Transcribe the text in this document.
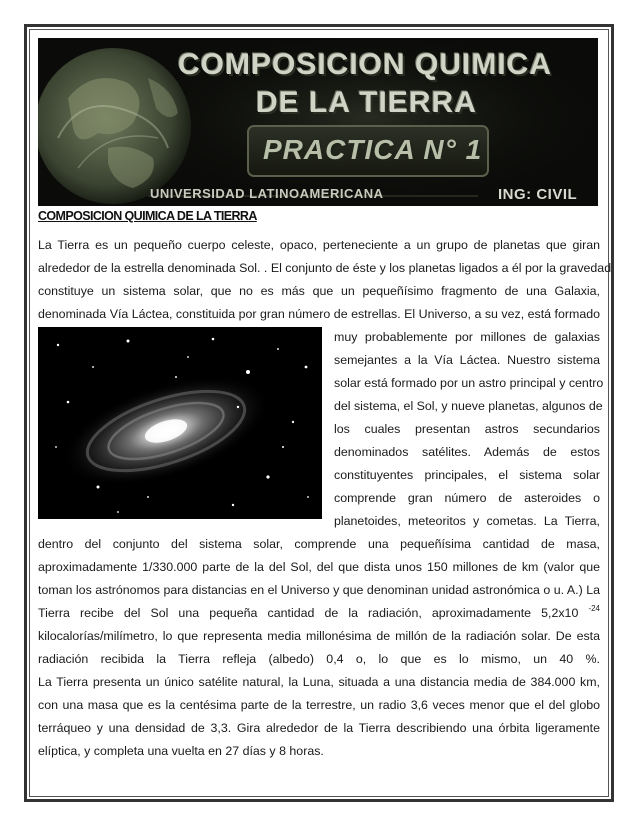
COMPOSICION QUIMICA
DE LA TIERRA
PRACTICA N° 1
UNIVERSIDAD LATINOAMERICANA	ING: CIVIL
COMPOSICION QUIMICA DE LA TIERRA
La Tierra es un pequeño cuerpo celeste, opaco, perteneciente a un grupo de planetas que giran
alrededor de la estrella denominada Sol. . El conjunto de éste y los planetas ligados a él por la gravedad
constituye un sistema solar, que no es más que un pequeñísimo fragmento de una Galaxia,
denominada Vía Láctea, constituida por gran número de estrellas. El Universo, a su vez, está formado
muy probablemente por millones de galaxias
semejantes a la Vía Láctea. Nuestro sistema
solar está formado por un astro principal y centro
del sistema, el Sol, y nueve planetas, algunos de
los cuales presentan astros secundarios
denominados satélites. Además de estos
constituyentes principales, el sistema solar
comprende gran número de asteroides o
planetoides, meteoritos y cometas. La Tierra,
dentro del conjunto del sistema solar, comprende una pequeñísima cantidad de masa,
aproximadamente 1/330.000 parte de la del Sol, del que dista unos 150 millones de km (valor que
toman los astrónomos para distancias en el Universo y que denominan unidad astronómica o u. A.) La
Tierra recibe del Sol una pequeña cantidad de la radiación, aproximadamente 5,2x10 $^{-24}$
kilocalorías/milímetro, lo que representa media millonésima de millón de la radiación solar. De esta
radiación recibida la Tierra refleja (albedo) 0,4 o, lo que es lo mismo, un 40 %.
La Tierra presenta un único satélite natural, la Luna, situada a una distancia media de 384.000 km,
con una masa que es la centésima parte de la terrestre, un radio 3,6 veces menor que el del globo
terráqueo y una densidad de 3,3. Gira alrededor de la Tierra describiendo una órbita ligeramente
elíptica, y completa una vuelta en 27 días y 8 horas.
